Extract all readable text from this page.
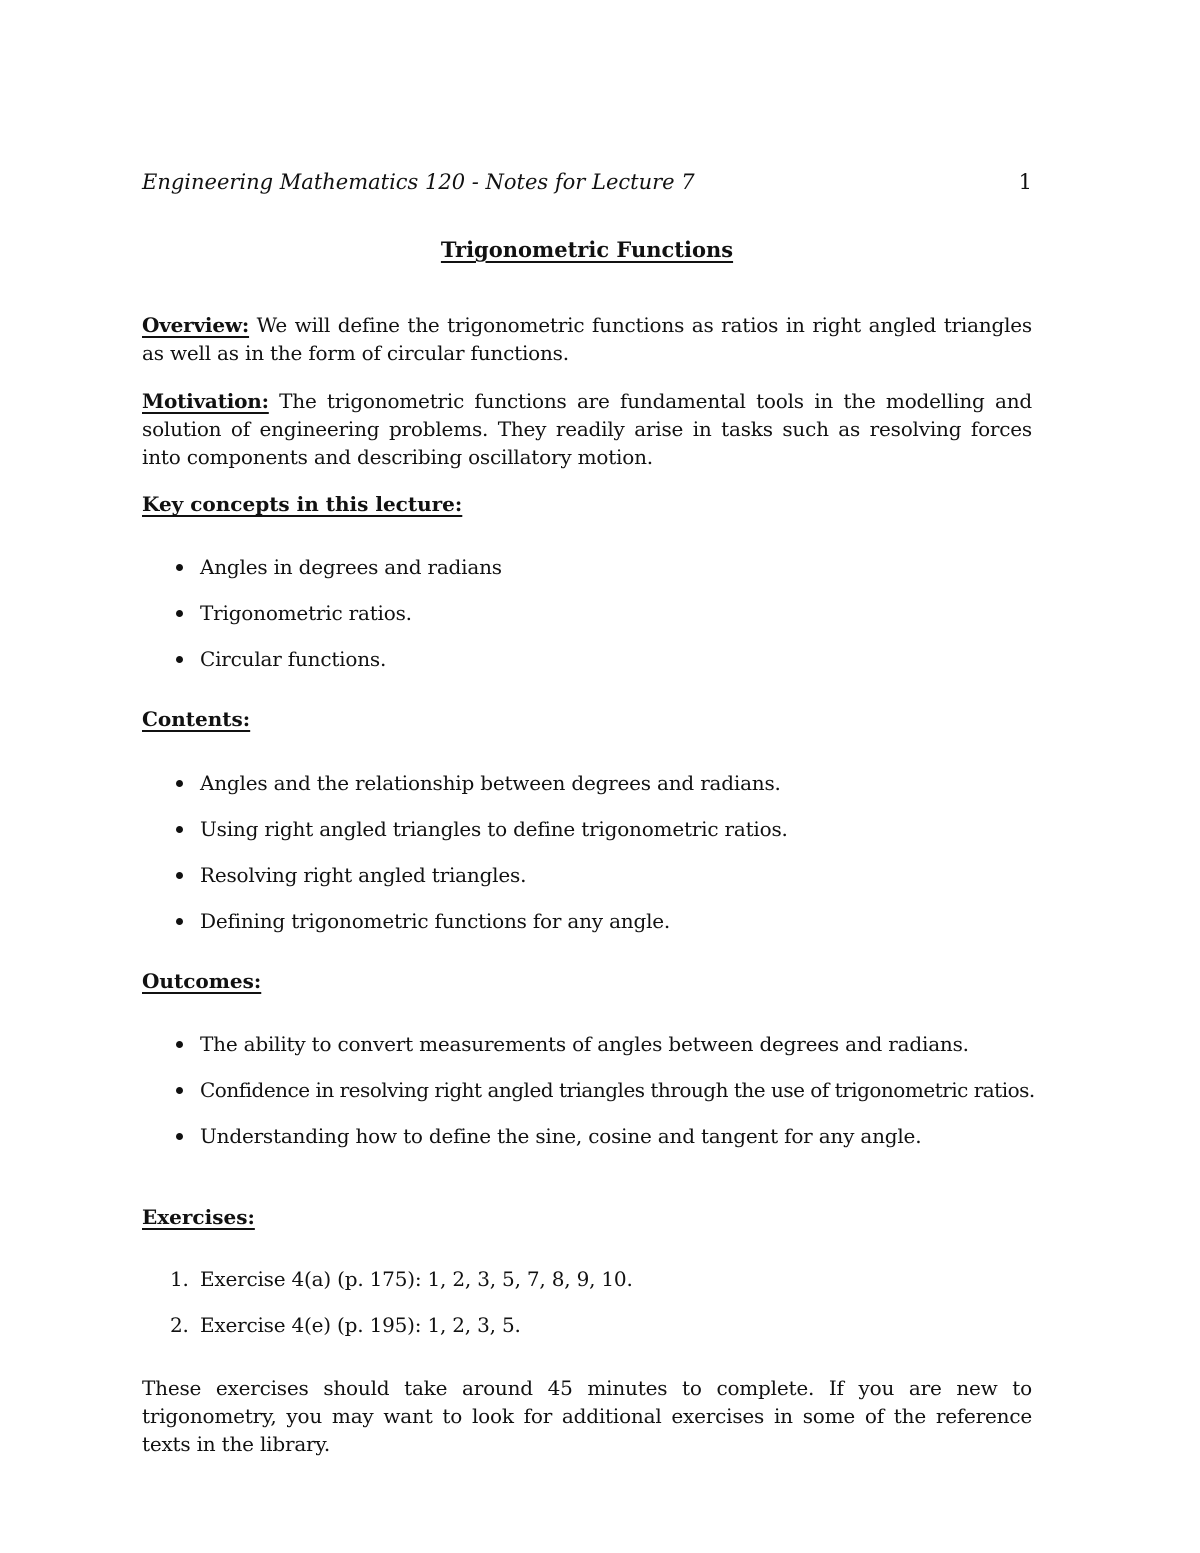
Engineering Mathematics 120 - Notes for Lecture 7	1
Trigonometric Functions
Overview: We will define the trigonometric functions as ratios in right angled triangles as well as in the form of circular functions.
Motivation: The trigonometric functions are fundamental tools in the modelling and solution of engineering problems. They readily arise in tasks such as resolving forces into components and describing oscillatory motion.
Key concepts in this lecture:
Angles in degrees and radians
Trigonometric ratios.
Circular functions.
Contents:
Angles and the relationship between degrees and radians.
Using right angled triangles to define trigonometric ratios.
Resolving right angled triangles.
Defining trigonometric functions for any angle.
Outcomes:
The ability to convert measurements of angles between degrees and radians.
Confidence in resolving right angled triangles through the use of trigonometric ratios.
Understanding how to define the sine, cosine and tangent for any angle.
Exercises:
1. Exercise 4(a) (p. 175): 1, 2, 3, 5, 7, 8, 9, 10.
2. Exercise 4(e) (p. 195): 1, 2, 3, 5.
These exercises should take around 45 minutes to complete. If you are new to trigonometry, you may want to look for additional exercises in some of the reference texts in the library.
